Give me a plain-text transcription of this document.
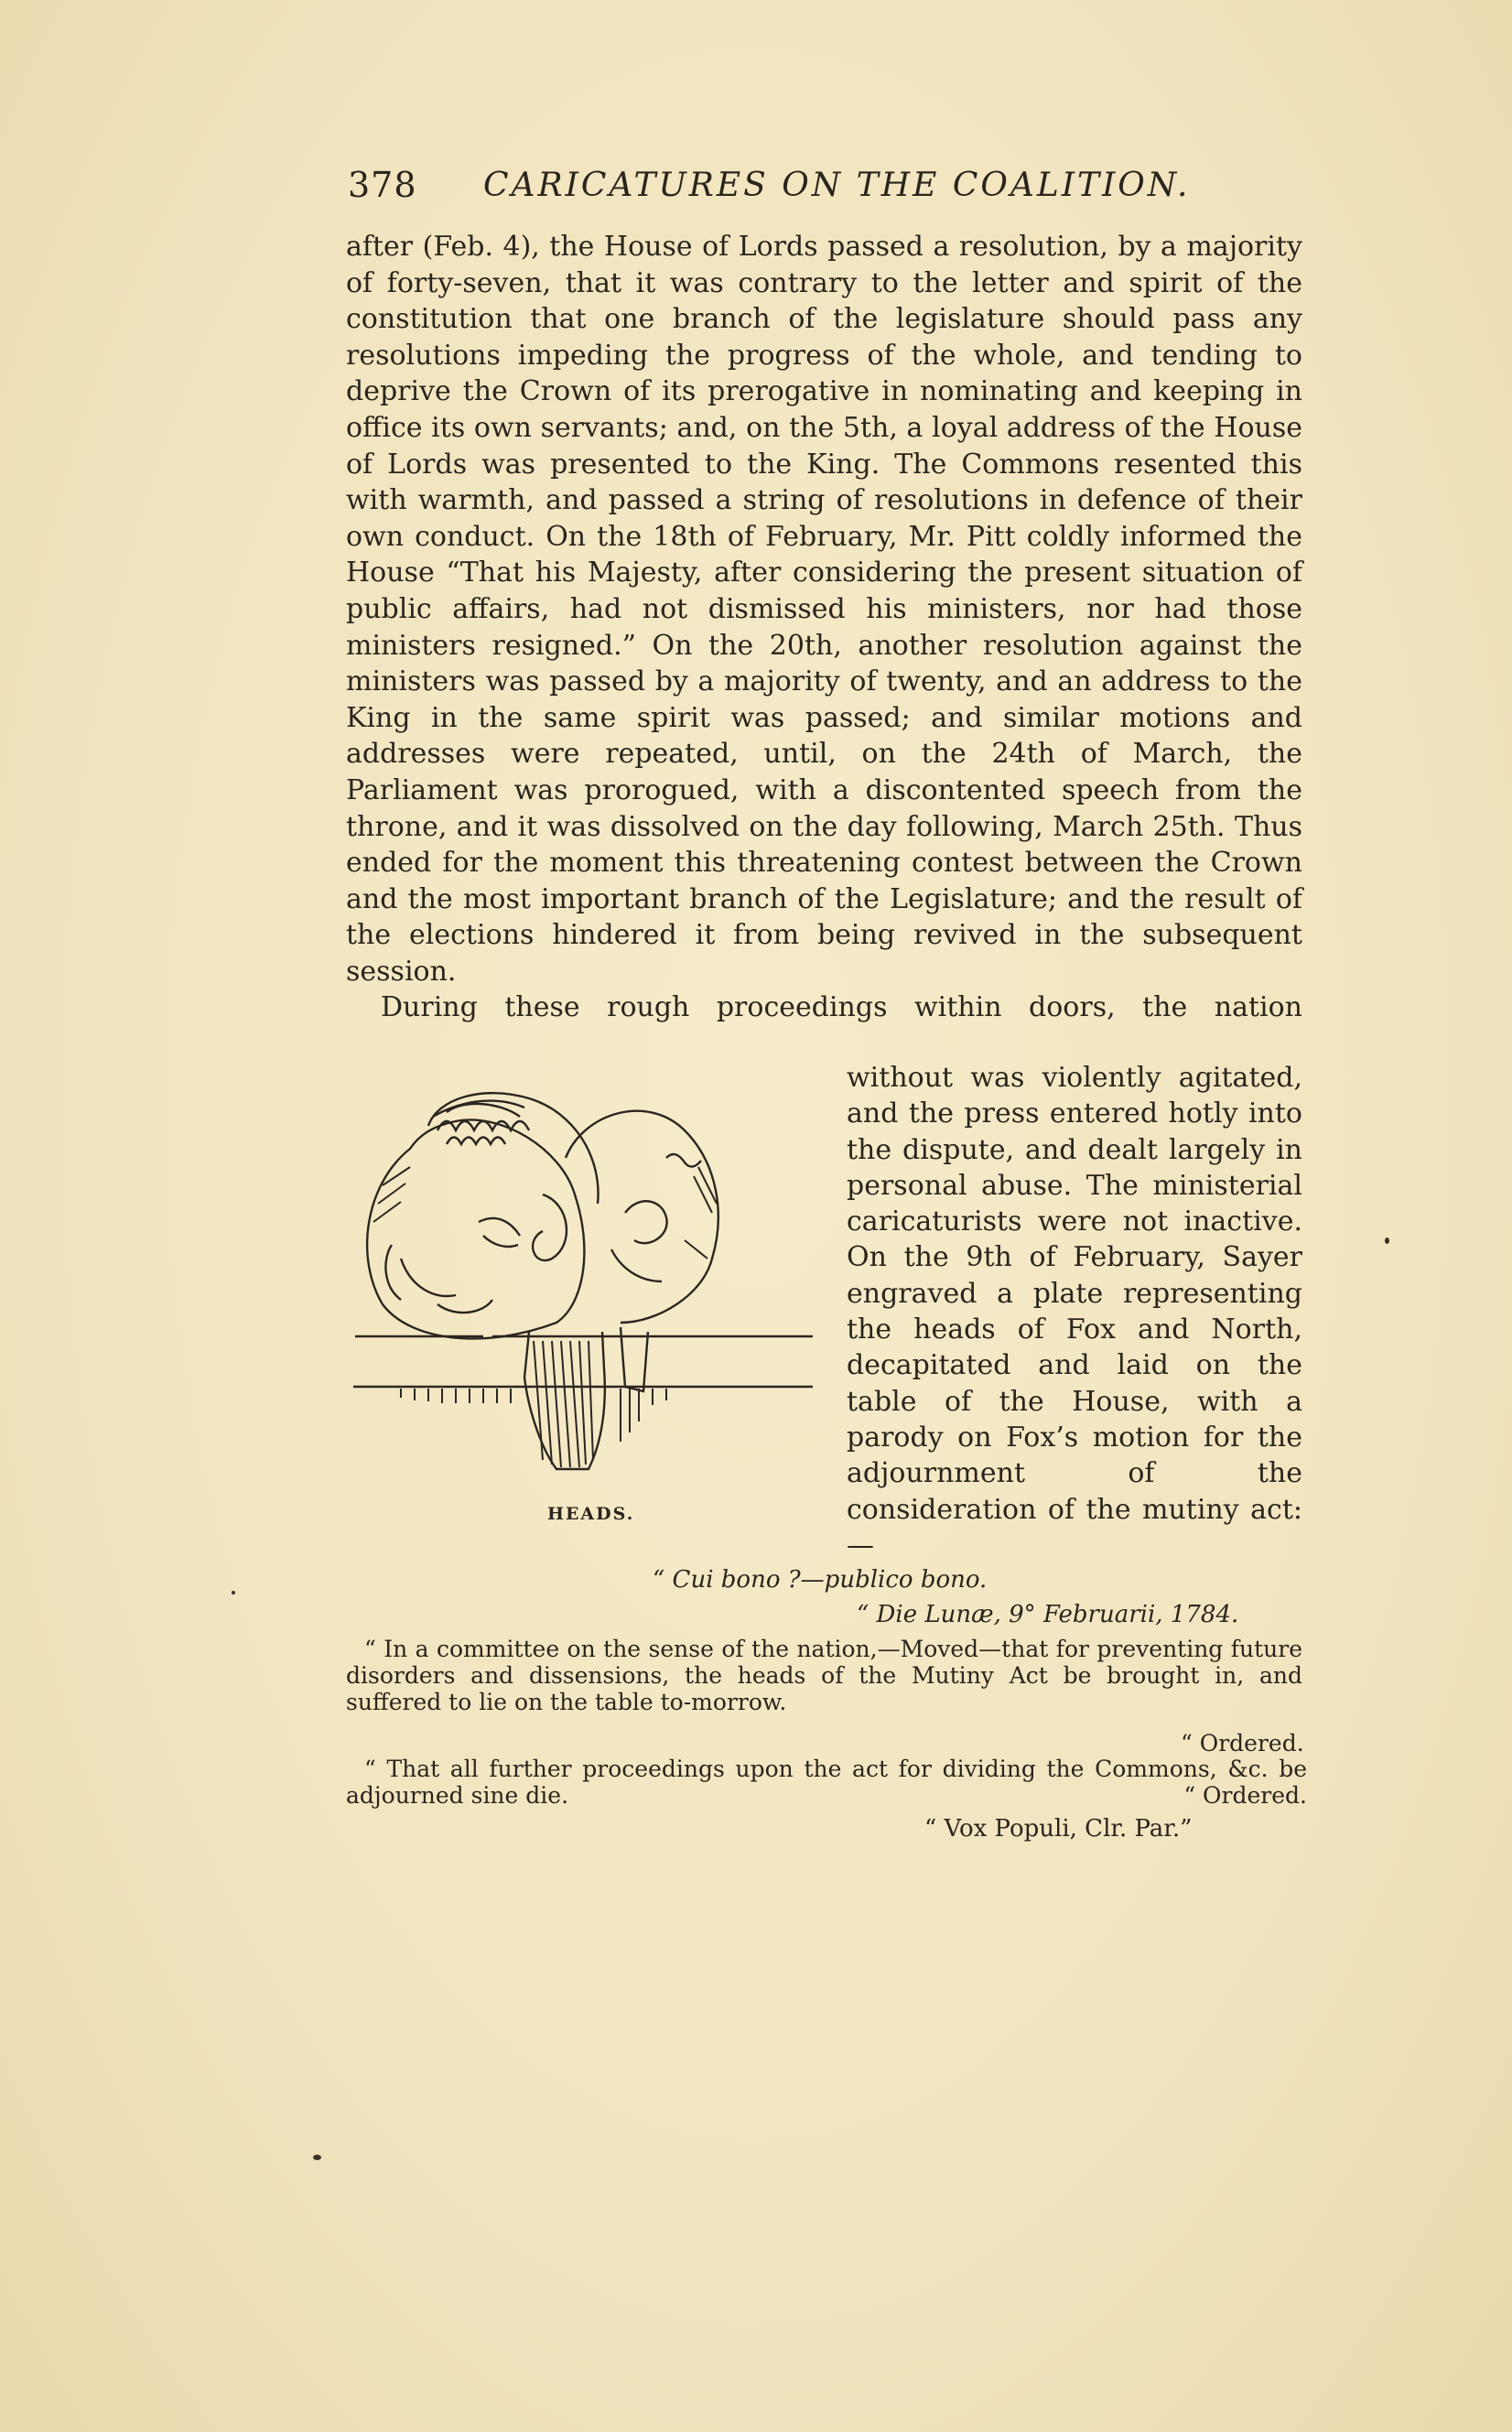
378 CARICATURES ON THE COALITION.

after (Feb. 4), the House of Lords passed a resolution, by a majority of forty-seven, that it was contrary to the letter and spirit of the constitution that one branch of the legislature should pass any resolutions impeding the progress of the whole, and tending to deprive the Crown of its prerogative in nominating and keeping in office its own servants; and, on the 5th, a loyal address of the House of Lords was presented to the King. The Commons resented this with warmth, and passed a string of resolutions in defence of their own conduct. On the 18th of February, Mr. Pitt coldly informed the House “That his Majesty, after considering the present situation of public affairs, had not dismissed his ministers, nor had those ministers resigned.” On the 20th, another resolution against the ministers was passed by a majority of twenty, and an address to the King in the same spirit was passed; and similar motions and addresses were repeated, until, on the 24th of March, the Parliament was prorogued, with a discontented speech from the throne, and it was dissolved on the day following, March 25th. Thus ended for the moment this threatening contest between the Crown and the most important branch of the Legislature; and the result of the elections hindered it from being revived in the subsequent session.

During these rough proceedings within doors, the nation

HEADS.
without was violently agitated, and the press entered hotly into the dispute, and dealt largely in personal abuse. The ministerial caricaturists were not inactive. On the 9th of February, Sayer engraved a plate representing the heads of Fox and North, decapitated and laid on the table of the House, with a parody on Fox’s motion for the adjournment of the consideration of the mutiny act:—
“ Cui bono ?—publico bono.
“ Die Lunæ, 9° Februarii, 1784.
“ In a committee on the sense of the nation,—Moved—that for preventing future disorders and dissensions, the heads of the Mutiny Act be brought in, and suffered to lie on the table to-morrow.
“ Ordered.
“ That all further proceedings upon the act for dividing the Commons, &c. be adjourned sine die.	“ Ordered.
“ Vox Populi, Clr. Par.”
